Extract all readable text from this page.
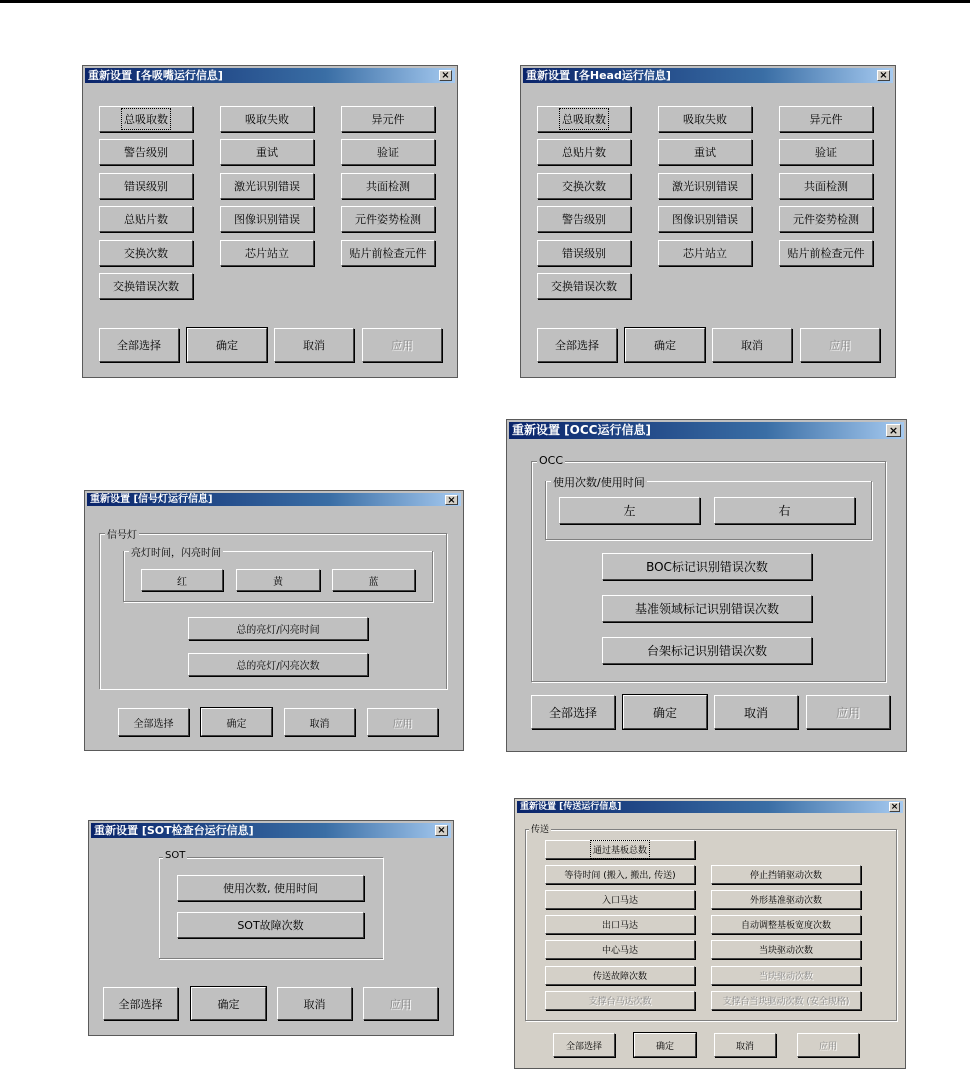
重新设置 [各吸嘴运行信息]	×
总吸取数	吸取失败	异元件
警告级别	重试	验证
错误级别	激光识别错误	共面检测
总贴片数	图像识别错误	元件姿势检测
交换次数	芯片站立	贴片前检查元件
交换错误次数
全部选择	确定	取消	应用
重新设置 [各Head运行信息]	×
总吸取数	吸取失败	异元件
总贴片数	重试	验证
交换次数	激光识别错误	共面检测
警告级别	图像识别错误	元件姿势检测
错误级别	芯片站立	贴片前检查元件
交换错误次数
全部选择	确定	取消	应用
重新设置 [信号灯运行信息]	×
信号灯
亮灯时间，闪亮时间
红	黄	蓝
总的亮灯/闪亮时间
总的亮灯/闪亮次数
全部选择	确定	取消	应用
重新设置 [OCC运行信息]	×
OCC
使用次数/使用时间
左	右
BOC标记识别错误次数
基准领域标记识别错误次数
台架标记识别错误次数
全部选择	确定	取消	应用
重新设置 [SOT检查台运行信息]	×
SOT
使用次数, 使用时间
SOT故障次数
全部选择	确定	取消	应用
重新设置 [传送运行信息]	×
传送
通过基板总数
等待时间 (搬入, 搬出, 传送)	停止挡销驱动次数
入口马达	外形基准驱动次数
出口马达	自动调整基板宽度次数
中心马达	当块驱动次数
传送故障次数	当块驱动次数
支撑台马达次数	支撑台当块驱动次数 (安全规格)
全部选择	确定	取消	应用
